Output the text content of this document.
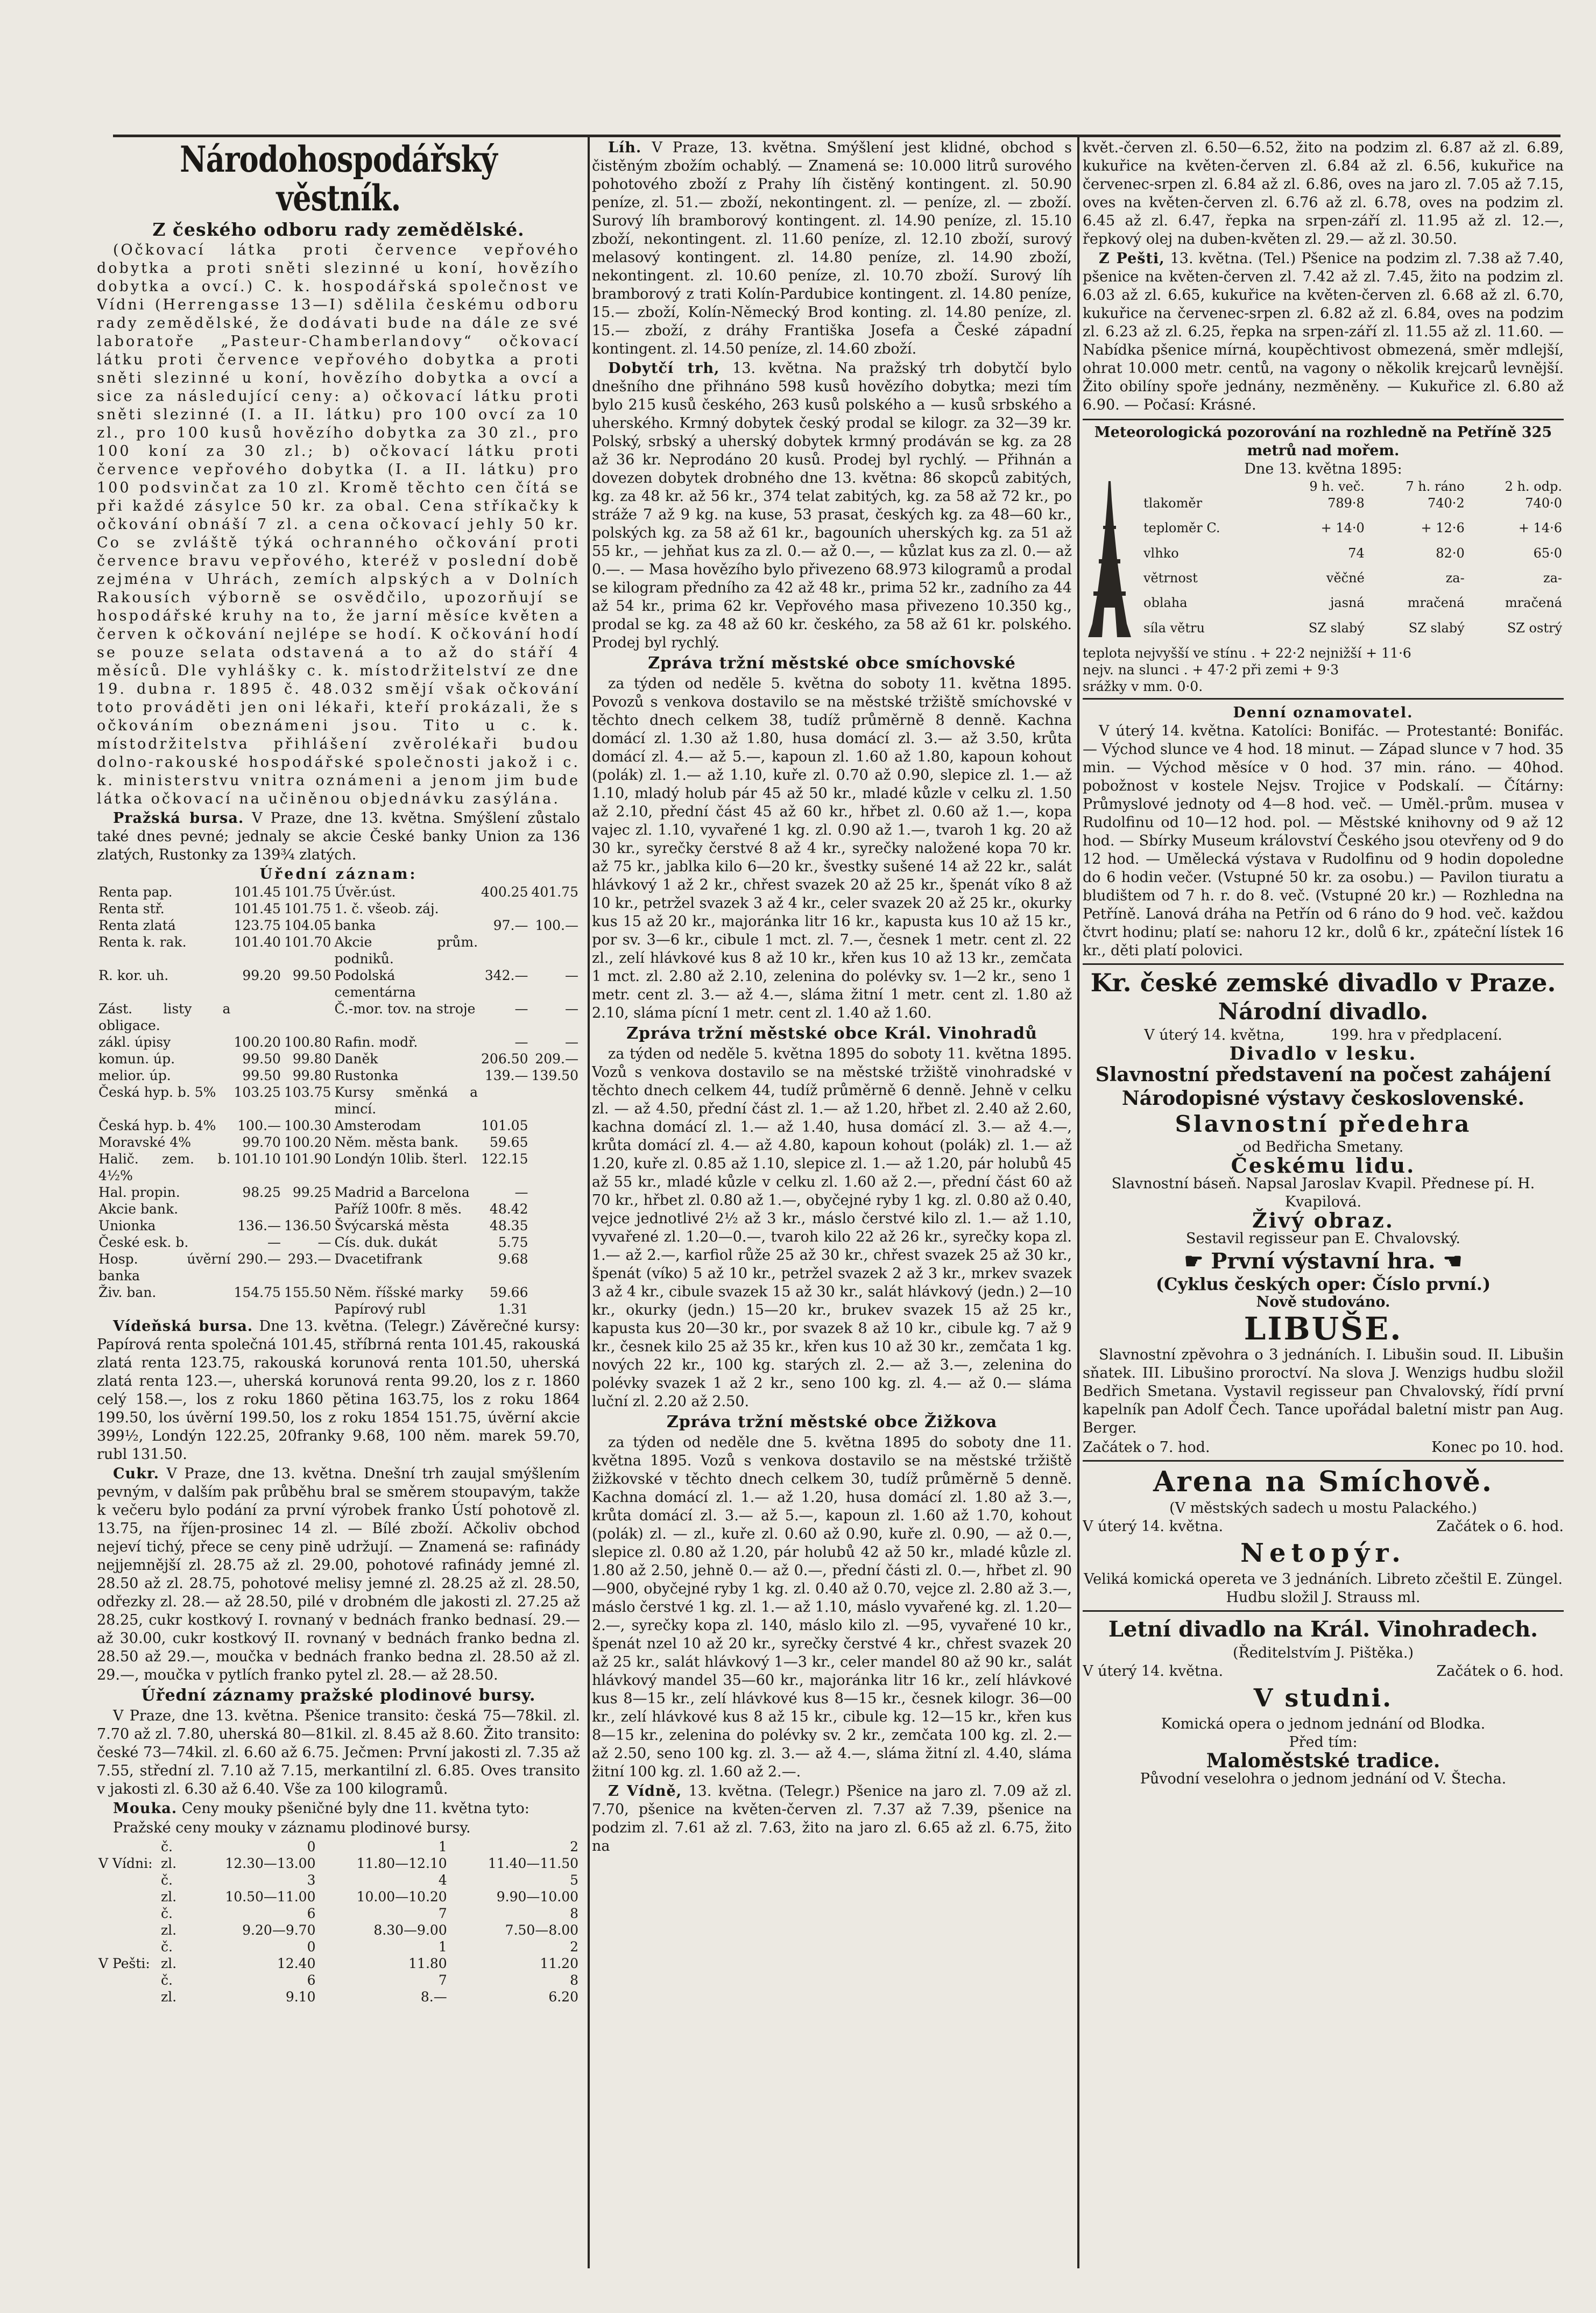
Národohospodářský věstník.
Z českého odboru rady zemědělské.

(Očkovací látka proti července vepřového dobytka a proti sněti slezinné u koní, hovězího dobytka a ovcí.) C. k. hospodářská společnost ve Vídni (Herrengasse 13—I) sdělila českému odboru rady zemědělské, že dodávati bude na dále ze své laboratoře „Pasteur-Chamberlandovy“ očkovací látku proti července vepřového dobytka a proti sněti slezinné u koní, hovězího dobytka a ovcí a sice za následující ceny: a) očkovací látku proti sněti slezinné (I. a II. látku) pro 100 ovcí za 10 zl., pro 100 kusů hovězího dobytka za 30 zl., pro 100 koní za 30 zl.; b) očkovací látku proti července vepřového dobytka (I. a II. látku) pro 100 podsvinčat za 10 zl. Kromě těchto cen čítá se při každé zásylce 50 kr. za obal. Cena stříkačky k očkování obnáší 7 zl. a cena očkovací jehly 50 kr. Co se zvláště týká ochranného očkování proti července bravu vepřového, kteréž v poslední době zejména v Uhrách, zemích alpských a v Dolních Rakousích výborně se osvědčilo, upozorňují se hospodářské kruhy na to, že jarní měsíce květen a červen k očkování nejlépe se hodí. K očkování hodí se pouze selata odstavená a to až do stáří 4 měsíců. Dle vyhlášky c. k. místodržitelství ze dne 19. dubna r. 1895 č. 48.032 smějí však očkování toto prováděti jen oni lékaři, kteří prokázali, že s očkováním obeznámeni jsou. Tito u c. k. místodržitelstva přihlášení zvěrolékaři budou dolno-rakouské hospodářské společnosti jakož i c. k. ministerstvu vnitra oznámeni a jenom jim bude látka očkovací na učiněnou objednávku zasýlána.

Pražská bursa. V Praze, dne 13. května. Smýšlení zůstalo také dnes pevné; jednaly se akcie České banky Union za 136 zlatých, Rustonky za 139¾ zlatých.

Úřední záznam:
Renta pap.	101.45	101.75	Úvěr.úst.	400.25	401.75
Renta stř.	101.45	101.75	1. č. všeob. záj.		
Renta zlatá	123.75	104.05	banka	97.—	100.—
Renta k. rak.	101.40	101.70	Akcie prům. podniků.		
R. kor. uh.	99.20	99.50	Podolská cementárna	342.—	—
Zást. listy a obligace.			Č.-mor. tov. na stroje	—	—
zákl. úpisy	100.20	100.80	Rafin. modř.	—	—
komun. úp.	99.50	99.80	Daněk	206.50	209.—
melior. úp.	99.50	99.80	Rustonka	139.—	139.50
Česká hyp. b. 5%	103.25	103.75	Kursy směnká a mincí.		
Česká hyp. b. 4%	100.—	100.30	Amsterodam	101.05	
Moravské 4%	99.70	100.20	Něm. města bank.	59.65	
Halič. zem. b. 4½%	101.10	101.90	Londýn 10lib. šterl.	122.15	
Hal. propin.	98.25	99.25	Madrid a Barcelona	—	
Akcie bank.			Paříž 100fr. 8 měs.	48.42	
Unionka	136.—	136.50	Švýcarská města	48.35	
České esk. b.	—	—	Cís. duk. dukát	5.75	
Hosp. úvěrní banka	290.—	293.—	Dvacetifrank	9.68	
Živ. ban.	154.75	155.50	Něm. říšské marky	59.66	
			Papírový rubl	1.31	

Vídeňská bursa. Dne 13. května. (Telegr.) Závěrečné kursy: Papírová renta společná 101.45, stříbrná renta 101.45, rakouská zlatá renta 123.75, rakouská korunová renta 101.50, uherská zlatá renta 123.—, uherská korunová renta 99.20, los z r. 1860 celý 158.—, los z roku 1860 pětina 163.75, los z roku 1864 199.50, los úvěrní 199.50, los z roku 1854 151.75, úvěrní akcie 399½, Londýn 122.25, 20franky 9.68, 100 něm. marek 59.70, rubl 131.50.

Cukr. V Praze, dne 13. května. Dnešní trh zaujal smýšlením pevným, v dalším pak průběhu bral se směrem stoupavým, takže k večeru bylo podání za první výrobek franko Ústí pohotově zl. 13.75, na říjen-prosinec 14 zl. — Bílé zboží. Ačkoliv obchod nejeví tichý, přece se ceny pině udržují. — Znamená se: rafinády nejjemnější zl. 28.75 až zl. 29.00, pohotové rafinády jemné zl. 28.50 až zl. 28.75, pohotové melisy jemné zl. 28.25 až zl. 28.50, odřezky zl. 28.— až 28.50, pilé v drobném dle jakosti zl. 27.25 až 28.25, cukr kostkový I. rovnaný v bednách franko bednasí. 29.— až 30.00, cukr kostkový II. rovnaný v bednách franko bedna zl. 28.50 až 29.—, moučka v bednách franko bedna zl. 28.50 až zl. 29.—, moučka v pytlích franko pytel zl. 28.— až 28.50.

Úřední záznamy pražské plodinové bursy.

V Praze, dne 13. května. Pšenice transito: česká 75—78kil. zl. 7.70 až zl. 7.80, uherská 80—81kil. zl. 8.45 až 8.60. Žito transito: české 73—74kil. zl. 6.60 až 6.75. Ječmen: První jakosti zl. 7.35 až 7.55, střední zl. 7.10 až 7.15, merkantilní zl. 6.85. Oves transito v jakosti zl. 6.30 až 6.40. Vše za 100 kilogramů.

Mouka. Ceny mouky pšeničné byly dne 11. května tyto:

Pražské ceny mouky v záznamu plodinové bursy.

	č.	0	1	2
V Vídni:	zl.	12.30—13.00	11.80—12.10	11.40—11.50
	č.	3	4	5
	zl.	10.50—11.00	10.00—10.20	9.90—10.00
	č.	6	7	8
	zl.	9.20—9.70	8.30—9.00	7.50—8.00
	č.	0	1	2
V Pešti:	zl.	12.40	11.80	11.20
	č.	6	7	8
	zl.	9.10	8.—	6.20

Líh. V Praze, 13. května. Smýšlení jest klidné, obchod s čistěným zbožím ochablý. — Znamená se: 10.000 litrů surového pohotového zboží z Prahy líh čistěný kontingent. zl. 50.90 peníze, zl. 51.— zboží, nekontingent. zl. — peníze, zl. — zboží. Surový líh bramborový kontingent. zl. 14.90 peníze, zl. 15.10 zboží, nekontingent. zl. 11.60 peníze, zl. 12.10 zboží, surový melasový kontingent. zl. 14.80 peníze, zl. 14.90 zboží, nekontingent. zl. 10.60 peníze, zl. 10.70 zboží. Surový líh bramborový z trati Kolín-Pardubice kontingent. zl. 14.80 peníze, 15.— zboží, Kolín-Německý Brod konting. zl. 14.80 peníze, zl. 15.— zboží, z dráhy Františka Josefa a České západní kontingent. zl. 14.50 peníze, zl. 14.60 zboží.

Dobytčí trh, 13. května. Na pražský trh dobytčí bylo dnešního dne přihnáno 598 kusů hovězího dobytka; mezi tím bylo 215 kusů českého, 263 kusů polského a — kusů srbského a uherského. Krmný dobytek český prodal se kilogr. za 32—39 kr. Polský, srbský a uherský dobytek krmný prodáván se kg. za 28 až 36 kr. Neprodáno 20 kusů. Prodej byl rychlý. — Přihnán a dovezen dobytek drobného dne 13. května: 86 skopců zabitých, kg. za 48 kr. až 56 kr., 374 telat zabitých, kg. za 58 až 72 kr., po stráže 7 až 9 kg. na kuse, 53 prasat, českých kg. za 48—60 kr., polských kg. za 58 až 61 kr., bagouních uherských kg. za 51 až 55 kr., — jehňat kus za zl. 0.— až 0.—, — kůzlat kus za zl. 0.— až 0.—. — Masa hovězího bylo přivezeno 68.973 kilogramů a prodal se kilogram předního za 42 až 48 kr., prima 52 kr., zadního za 44 až 54 kr., prima 62 kr. Vepřového masa přivezeno 10.350 kg., prodal se kg. za 48 až 60 kr. českého, za 58 až 61 kr. polského. Prodej byl rychlý.

Zpráva tržní městské obce smíchovské

za týden od neděle 5. května do soboty 11. května 1895. Povozů s venkova dostavilo se na městské tržiště smíchovské v těchto dnech celkem 38, tudíž průměrně 8 denně. Kachna domácí zl. 1.30 až 1.80, husa domácí zl. 3.— až 3.50, krůta domácí zl. 4.— až 5.—, kapoun zl. 1.60 až 1.80, kapoun kohout (polák) zl. 1.— až 1.10, kuře zl. 0.70 až 0.90, slepice zl. 1.— až 1.10, mladý holub pár 45 až 50 kr., mladé kůzle v celku zl. 1.50 až 2.10, přední část 45 až 60 kr., hřbet zl. 0.60 až 1.—, kopa vajec zl. 1.10, vyvařené 1 kg. zl. 0.90 až 1.—, tvaroh 1 kg. 20 až 30 kr., syrečky čerstvé 8 až 4 kr., syrečky naložené kopa 70 kr. až 75 kr., jablka kilo 6—20 kr., švestky sušené 14 až 22 kr., salát hlávkový 1 až 2 kr., chřest svazek 20 až 25 kr., špenát víko 8 až 10 kr., petržel svazek 3 až 4 kr., celer svazek 20 až 25 kr., okurky kus 15 až 20 kr., majoránka litr 16 kr., kapusta kus 10 až 15 kr., por sv. 3—6 kr., cibule 1 mct. zl. 7.—, česnek 1 metr. cent zl. 22 zl., zelí hlávkové kus 8 až 10 kr., křen kus 10 až 13 kr., zemčata 1 mct. zl. 2.80 až 2.10, zelenina do polévky sv. 1—2 kr., seno 1 metr. cent zl. 3.— až 4.—, sláma žitní 1 metr. cent zl. 1.80 až 2.10, sláma pícní 1 metr. cent zl. 1.40 až 1.60.

Zpráva tržní městské obce Král. Vinohradů

za týden od neděle 5. května 1895 do soboty 11. května 1895. Vozů s venkova dostavilo se na městské tržiště vinohradské v těchto dnech celkem 44, tudíž průměrně 6 denně. Jehně v celku zl. — až 4.50, přední část zl. 1.— až 1.20, hřbet zl. 2.40 až 2.60, kachna domácí zl. 1.— až 1.40, husa domácí zl. 3.— až 4.—, krůta domácí zl. 4.— až 4.80, kapoun kohout (polák) zl. 1.— až 1.20, kuře zl. 0.85 až 1.10, slepice zl. 1.— až 1.20, pár holubů 45 až 55 kr., mladé kůzle v celku zl. 1.60 až 2.—, přední část 60 až 70 kr., hřbet zl. 0.80 až 1.—, obyčejné ryby 1 kg. zl. 0.80 až 0.40, vejce jednotlivé 2½ až 3 kr., máslo čerstvé kilo zl. 1.— až 1.10, vyvařené zl. 1.20—0.—, tvaroh kilo 22 až 26 kr., syrečky kopa zl. 1.— až 2.—, karfiol růže 25 až 30 kr., chřest svazek 25 až 30 kr., špenát (víko) 5 až 10 kr., petržel svazek 2 až 3 kr., mrkev svazek 3 až 4 kr., cibule svazek 15 až 30 kr., salát hlávkový (jedn.) 2—10 kr., okurky (jedn.) 15—20 kr., brukev svazek 15 až 25 kr., kapusta kus 20—30 kr., por svazek 8 až 10 kr., cibule kg. 7 až 9 kr., česnek kilo 25 až 35 kr., křen kus 10 až 30 kr., zemčata 1 kg. nových 22 kr., 100 kg. starých zl. 2.— až 3.—, zelenina do polévky svazek 1 až 2 kr., seno 100 kg. zl. 4.— až 0.— sláma luční zl. 2.20 až 2.50.

Zpráva tržní městské obce Žižkova

za týden od neděle dne 5. května 1895 do soboty dne 11. května 1895. Vozů s venkova dostavilo se na městské tržiště žižkovské v těchto dnech celkem 30, tudíž průměrně 5 denně. Kachna domácí zl. 1.— až 1.20, husa domácí zl. 1.80 až 3.—, krůta domácí zl. 3.— až 5.—, kapoun zl. 1.60 až 1.70, kohout (polák) zl. — zl., kuře zl. 0.60 až 0.90, kuře zl. 0.90, — až 0.—, slepice zl. 0.80 až 1.20, pár holubů 42 až 50 kr., mladé kůzle zl. 1.80 až 2.50, jehně 0.— až 0.—, přední části zl. 0.—, hřbet zl. 90—900, obyčejné ryby 1 kg. zl. 0.40 až 0.70, vejce zl. 2.80 až 3.—, máslo čerstvé 1 kg. zl. 1.— až 1.10, máslo vyvařené kg. zl. 1.20—2.—, syrečky kopa zl. 140, máslo kilo zl. —95, vyvařené 10 kr., špenát nzel 10 až 20 kr., syrečky čerstvé 4 kr., chřest svazek 20 až 25 kr., salát hlávkový 1—3 kr., celer mandel 80 až 90 kr., salát hlávkový mandel 35—60 kr., majoránka litr 16 kr., zelí hlávkové kus 8—15 kr., zelí hlávkové kus 8—15 kr., česnek kilogr. 36—00 kr., zelí hlávkové kus 8 až 15 kr., cibule kg. 12—15 kr., křen kus 8—15 kr., zelenina do polévky sv. 2 kr., zemčata 100 kg. zl. 2.— až 2.50, seno 100 kg. zl. 3.— až 4.—, sláma žitní zl. 4.40, sláma žitní 100 kg. zl. 1.60 až 2.—.

Z Vídně, 13. května. (Telegr.) Pšenice na jaro zl. 7.09 až zl. 7.70, pšenice na květen-červen zl. 7.37 až 7.39, pšenice na podzim zl. 7.61 až zl. 7.63, žito na jaro zl. 6.65 až zl. 6.75, žito na

květ.-červen zl. 6.50—6.52, žito na podzim zl. 6.87 až zl. 6.89, kukuřice na květen-červen zl. 6.84 až zl. 6.56, kukuřice na červenec-srpen zl. 6.84 až zl. 6.86, oves na jaro zl. 7.05 až 7.15, oves na květen-červen zl. 6.76 až zl. 6.78, oves na podzim zl. 6.45 až zl. 6.47, řepka na srpen-září zl. 11.95 až zl. 12.—, řepkový olej na duben-květen zl. 29.— až zl. 30.50.

Z Pešti, 13. května. (Tel.) Pšenice na podzim zl. 7.38 až 7.40, pšenice na květen-červen zl. 7.42 až zl. 7.45, žito na podzim zl. 6.03 až zl. 6.65, kukuřice na květen-červen zl. 6.68 až zl. 6.70, kukuřice na červenec-srpen zl. 6.82 až zl. 6.84, oves na podzim zl. 6.23 až zl. 6.25, řepka na srpen-září zl. 11.55 až zl. 11.60. — Nabídka pšenice mírná, koupěchtivost obmezená, směr mdlejší, ohrat 10.000 metr. centů, na vagony o několik krejcarů levnější. Žito obilíny spoře jednány, nezměněny. — Kukuřice zl. 6.80 až 6.90. — Počasí: Krásné.

Meteorologická pozorování na rozhledně na Petříně 325 metrů nad mořem.
Dne 13. května 1895:
	9 h. več.	7 h. ráno	2 h. odp.
tlakoměr	789·8	740·2	740·0
teploměr C.	+ 14·0	+ 12·6	+ 14·6
vlhko	74	82·0	65·0
větrnost	věčné	za-	za-
oblaha	jasná	mračená	mračená
síla větru	SZ slabý	SZ slabý	SZ ostrý
teplota nejvyšší ve stínu . + 22·2 nejnižší + 11·6
nejv. na slunci . + 47·2 při zemi + 9·3
srážky v mm. 0·0.
Denní oznamovatel.

V úterý 14. května. Katolíci: Bonifác. — Protestanté: Bonifác. — Východ slunce ve 4 hod. 18 minut. — Západ slunce v 7 hod. 35 min. — Východ měsíce v 0 hod. 37 min. ráno. — 40hod. pobožnost v kostele Nejsv. Trojice v Podskalí. — Čítárny: Průmyslové jednoty od 4—8 hod. več. — Uměl.-prům. musea v Rudolfinu od 10—12 hod. pol. — Městské knihovny od 9 až 12 hod. — Sbírky Museum království Českého jsou otevřeny od 9 do 12 hod. — Umělecká výstava v Rudolfinu od 9 hodin dopoledne do 6 hodin večer. (Vstupné 50 kr. za osobu.) — Pavilon tiuratu a bludištem od 7 h. r. do 8. več. (Vstupné 20 kr.) — Rozhledna na Petříně. Lanová dráha na Petřín od 6 ráno do 9 hod. več. každou čtvrt hodinu; platí se: nahoru 12 kr., dolů 6 kr., zpáteční lístek 16 kr., děti platí polovici.

Kr. české zemské divadlo v Praze.
Národní divadlo.
V úterý 14. května,          199. hra v předplacení.
Divadlo v lesku.
Slavnostní představení na počest zahájení Národopisné výstavy československé.
Slavnostní předehra
od Bedřicha Smetany.
Českému lidu.
Slavnostní báseň. Napsal Jaroslav Kvapil. Přednese pí. H. Kvapilová.
Živý obraz.
Sestavil regisseur pan E. Chvalovský.
☛ První výstavní hra. ☚
(Cyklus českých oper: Číslo první.)
Nově studováno.
LIBUŠE.

Slavnostní zpěvohra o 3 jednáních. I. Libušin soud. II. Libušin sňatek. III. Libušino proroctví. Na slova J. Wenzigs hudbu složil Bedřich Smetana. Vystavil regisseur pan Chvalovský, řídí první kapelník pan Adolf Čech. Tance upořádal baletní mistr pan Aug. Berger.

Začátek o 7. hod.	Konec po 10. hod.
Arena na Smíchově.
(V městských sadech u mostu Palackého.)
V úterý 14. května.	Začátek o 6. hod.
Netopýr.
Veliká komická opereta ve 3 jednáních. Libreto zčeštil E. Züngel. Hudbu složil J. Strauss ml.
Letní divadlo na Král. Vinohradech.
(Ředitelstvím J. Pištěka.)
V úterý 14. května.	Začátek o 6. hod.
V studni.
Komická opera o jednom jednání od Blodka.
Před tím:
Maloměstské tradice.
Původní veselohra o jednom jednání od V. Štecha.
